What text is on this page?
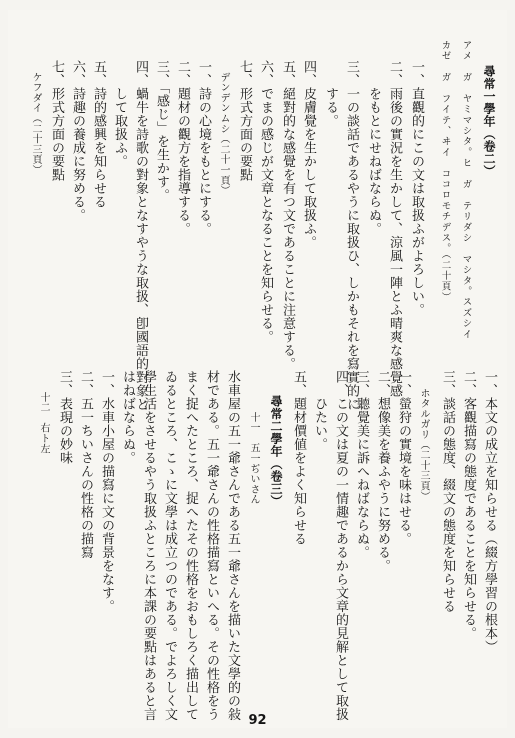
尋常一學年（卷二）
アメ　ガ　ヤミマシタ。ヒ　ガ　テリダシ　マシタ。スズシイ
カゼ　ガ　フイテ、ヰイ　ココロモチデス。（二十頁）
一、直觀的にこの文は取扱ふがよろしい。
二、雨後の實況を生かして、涼風一陣とふ晴爽な感覺感
　　をもとにせねばならぬ。
三、一の談話であるやうに取扱ひ、しかもそれを寫實的に
　　する。
四、皮膚覺を生かして取扱ふ。
五、絕對的な感覺を有つ文であることに注意する。
六、でまの感じが文章となることを知らせる。
七、形式方面の要點
デンデンムシ（二十一頁）
一、詩の心境をもとにする。
二、題材の觀方を指導する。
三、「感じ」を生かす。
四、蝸牛を詩歌の對象となすやうな取扱、卽國語的對象と
　　して取扱ふ。
五、詩的感興を知らせる
六、詩趣の養成に努める。
七、形式方面の要點
ケフダイ（二十三頁）
一、本文の成立を知らせる（綴方學習の根本）
二、客觀描寫の態度であることを知らせる。
三、談話の態度、綴文の態度を知らせる
ホタルガリ（二十三頁）
一、螢狩の實境を味はせる。
二、想像美を養ふやうに努める。
三、聽覺美に訴へねばならぬ。
四、この文は夏の一情趣であるから文章的見解として取扱
　　ひたい。
五、題材價値をよく知らせる
尋常二學年（卷三）
十一　五一ぢいさん
水車屋の五一爺さんである五一爺さんを描いた文學的の敍
材である。五一爺さんの性格描寫といへる。その性格をう
まく捉へたところ、捉へたその性格をおもしろく描出して
ゐるところ、こゝに文學は成立つのである。でよろしく文
學生活をさせるやう取扱ふところに本課の要點はあると言
はねばならぬ。
一、水車小屋の描寫に文の背景をなす。
二、五一ちいさんの性格の描寫
三、表現の妙味
十二　右ト左
92
